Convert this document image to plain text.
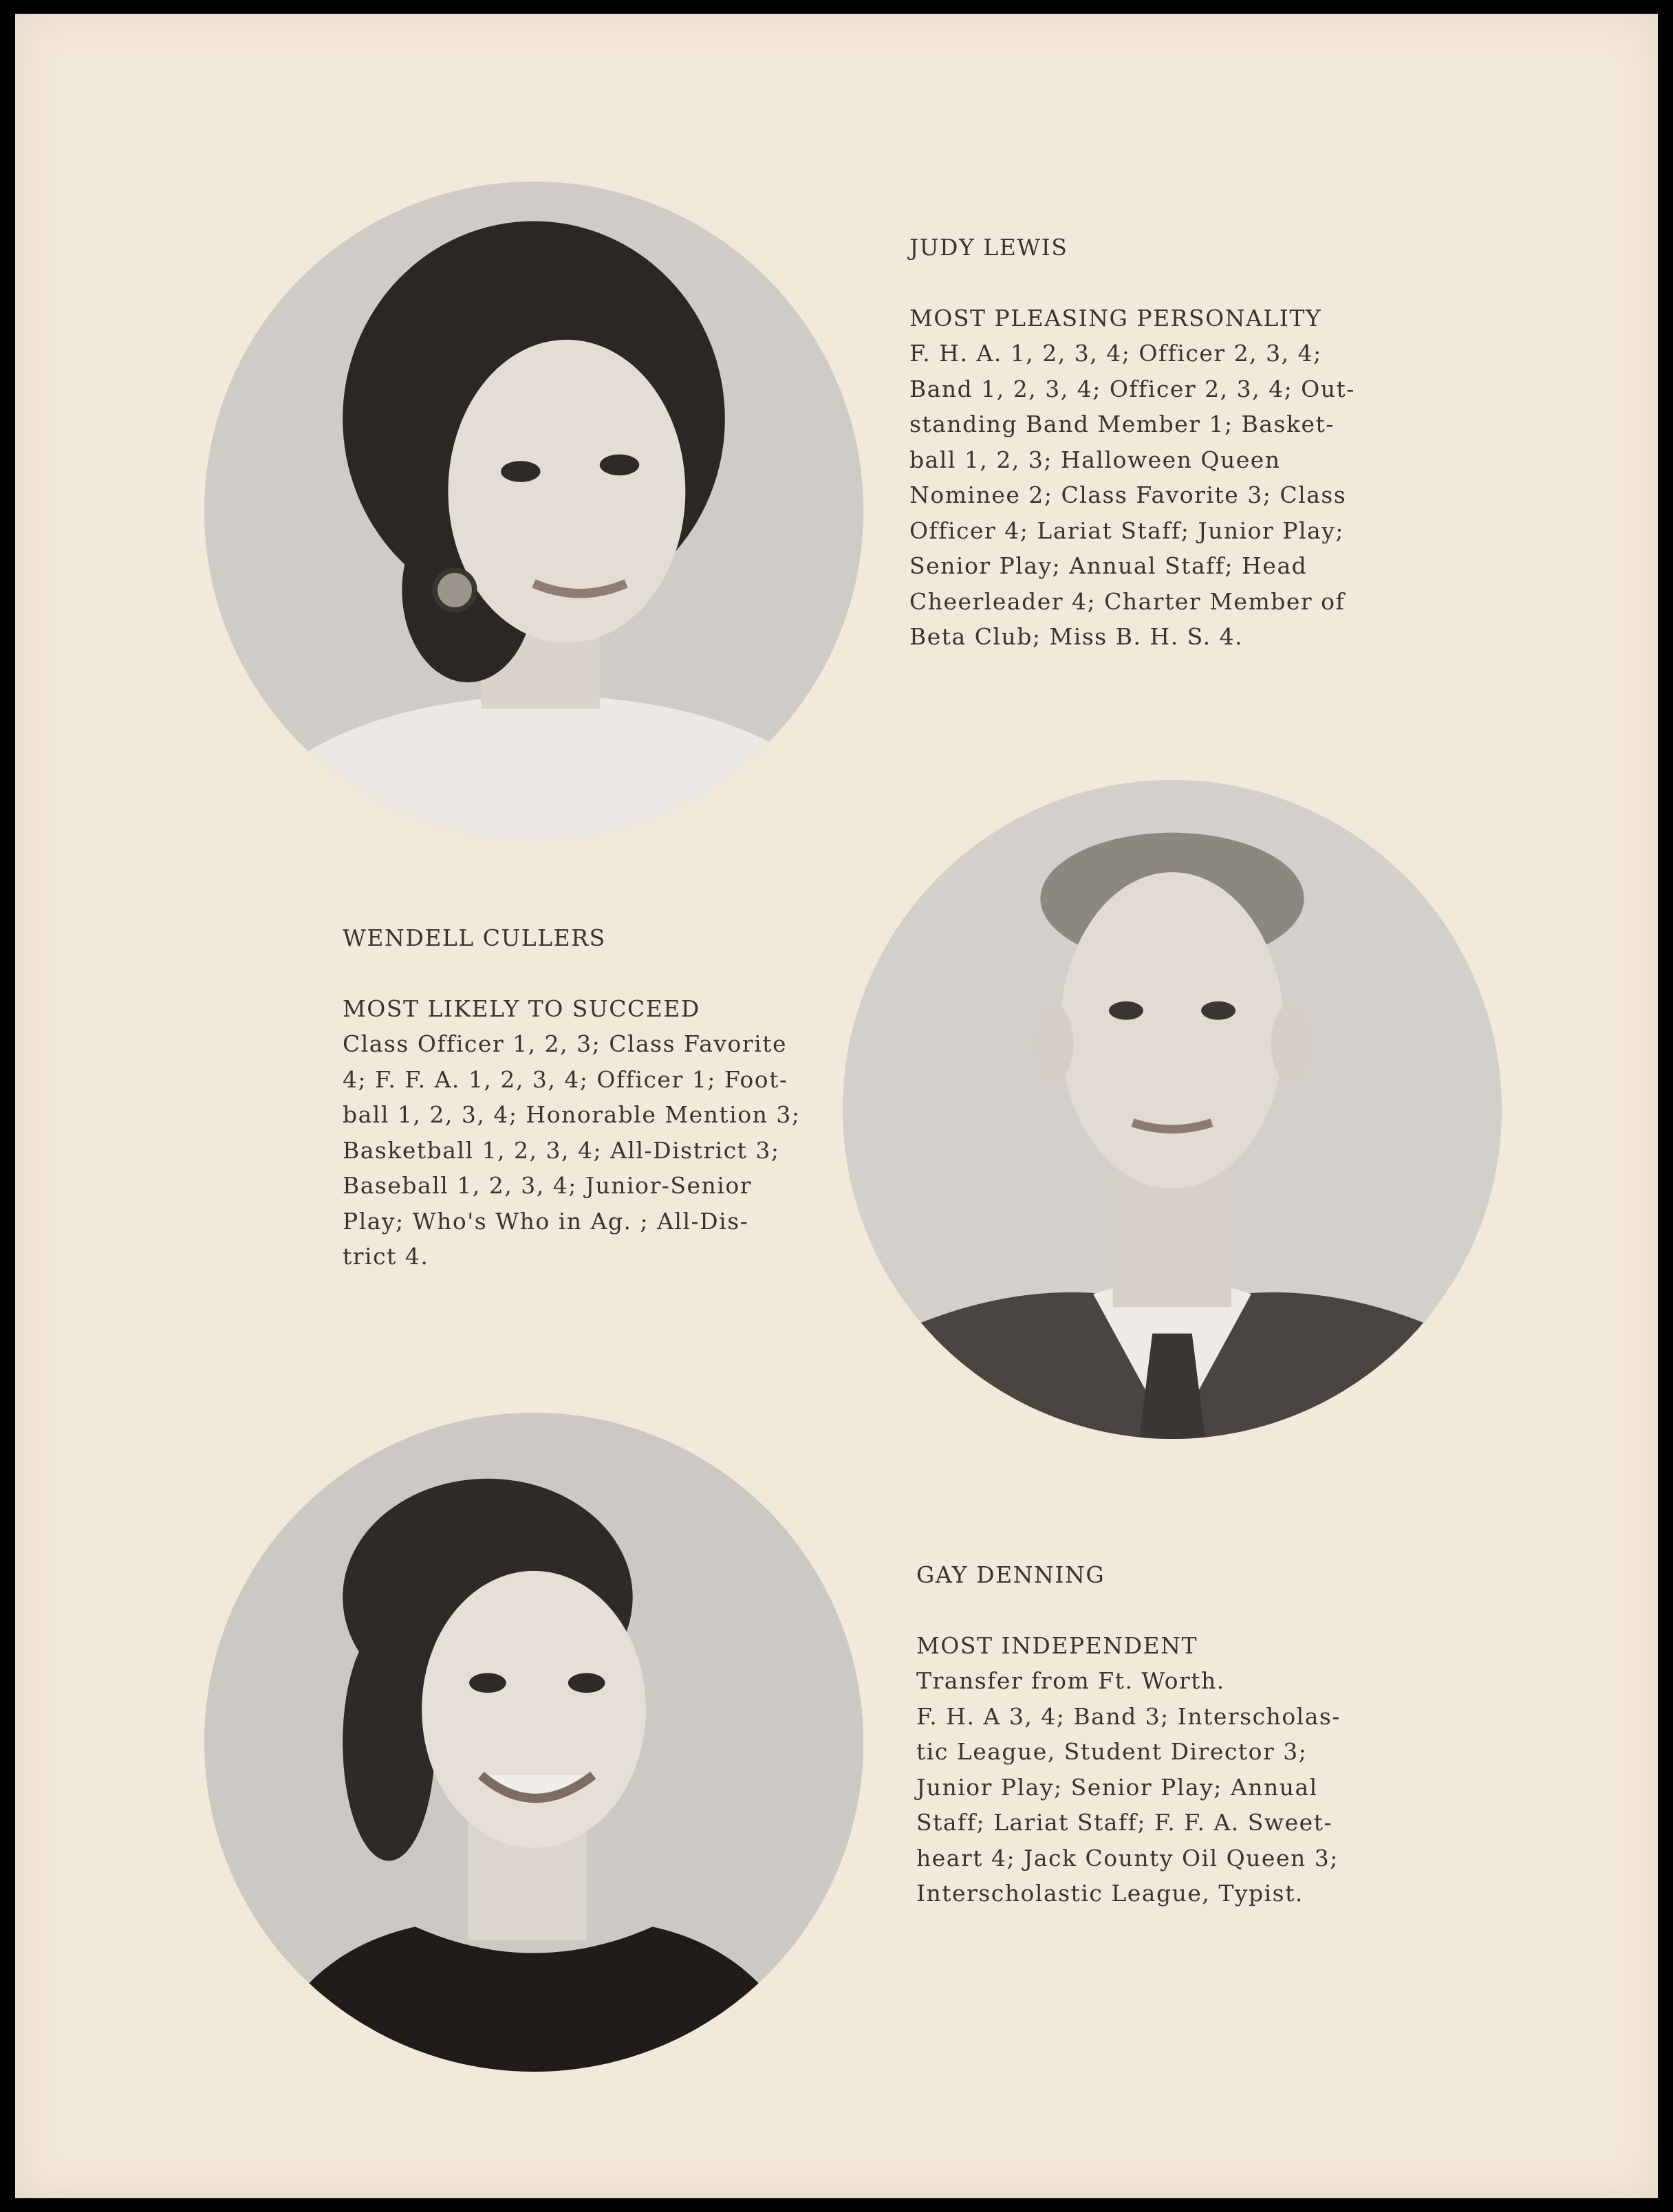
JUDY LEWIS
MOST PLEASING PERSONALITY
F. H. A. 1, 2, 3, 4; Officer 2, 3, 4;
Band 1, 2, 3, 4; Officer 2, 3, 4; Out-
standing Band Member 1; Basket-
ball 1, 2, 3; Halloween Queen
Nominee 2; Class Favorite 3; Class
Officer 4; Lariat Staff; Junior Play;
Senior Play; Annual Staff; Head
Cheerleader 4; Charter Member of
Beta Club; Miss B. H. S. 4.
WENDELL CULLERS
MOST LIKELY TO SUCCEED
Class Officer 1, 2, 3; Class Favorite
4; F. F. A. 1, 2, 3, 4; Officer 1; Foot-
ball 1, 2, 3, 4; Honorable Mention 3;
Basketball 1, 2, 3, 4; All-District 3;
Baseball 1, 2, 3, 4; Junior-Senior
Play; Who's Who in Ag. ; All-Dis-
trict 4.
GAY DENNING
MOST INDEPENDENT
Transfer from Ft. Worth.
F. H. A 3, 4; Band 3; Interscholas-
tic League, Student Director 3;
Junior Play; Senior Play; Annual
Staff; Lariat Staff; F. F. A. Sweet-
heart 4; Jack County Oil Queen 3;
Interscholastic League, Typist.
